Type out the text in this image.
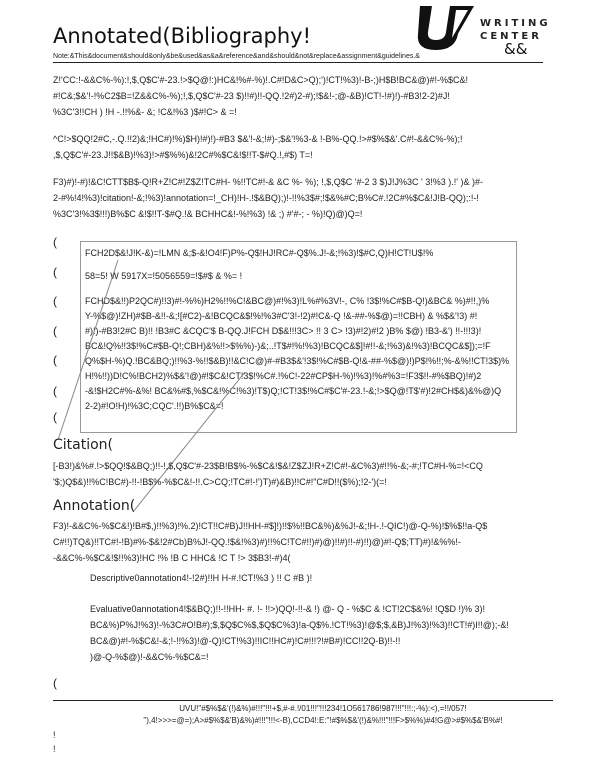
WRITING
CENTER
&&
Annotated(Bibliography!
Note:&This&document&should&only&be&used&as&a&reference&and&should&not&replace&assignment&guidelines.&
Z!'CC:!-&&C%-%):!,$,Q$C'#-23.!>$Q@!:)HC&!%#-%)!.C#!D&C>Q);')!CT!%3)!-B-;)H$B!BC&@)#!-%$C&!
#!C&;$&'!-!%C2$B=!Z&&C%-%);!,$,Q$C'#-23 $)!!#)!!-QQ.!2#)2-#);!$&!-;@-&B)!CT!-!#)!)-#B3!2-2)#J!
%3C'3!!CH ) !H -.!!%&- &; !C&!%3 )$#!C> & =!
^C!>$QQ!2#C,-.Q.!!2)&;!HC#)!%)$H)!#)!)-#B3 $&'!-&;!#)-;$&'!%3-& !-B%-QQ.!>#$%$&'.C#!-&&C%-%);!
,$,Q$C'#-23.J!!$&B)!%3)!>#$%%)&!2C#%$C&!$!!T-$#Q.!,#$) T=!
F3)#)!-#)!&C!CTT$B$-Q!R+Z!C#!Z$Z!TC#H- %!!TC#!-& &C %- %); !,$,Q$C '#-2 3 $)J!J%3C ' 3!%3 ).!' )& )#-
2-#%!4!%3)!citation!-&;!%3)!annotation=!_CH)!H-.!$&BQ);)!-!!%3$#;!$&%#C;B%C#.!2C#%$C&!J!B-QQ);:!-!
%3C'3!%3$!!!)B%$C &!$!!T-$#Q.!& BCHHC&!-%!%3) !& ;) #'#-; - %)!Q)@)Q=!
(
(
(
(
(
(
(
FCH2D$&!J!K-&)=!LMN &;$-&!O4!F)P%-Q$!HJ!RC#-Q$%.J!-&;!%3)!$#C,Q)H!CT!U$!%
58=5! W 5917X=!5056559=!$#$ & %= !
FCHD$&!!)P2QC#)!!3)#!-%%)H2%!!%C!&BC@)#!%3)!L%#%3V!-, C% !3$!%C#$B-Q!)&BC& %)#!!,)%
Y-%$@)!ZH)#$B-&!!-&;![#C2)-&!BCQC&$!%!%3#C'3!-!2)#!C&-Q !&-##-%$@)=!!CBH) & %$&'!3) #!
#)!)-#B3!2#C B)!! !B3#C &CQC'$ B-QQ.J!FCH D$&!!!3C> !! 3 C> !3)#!2)#!2 )B% $@) !B3-&') !!-!!!3)!
BC&!Q%!!3$!%C#$B-Q!;CBH)&%!!>$%%)-)&;..!T$#!%!%3)!BCQC&$]!#!!-&;!%3)&!%3)!BCQC&$]);=!F
Q%$H-%)Q.!BC&BQ;)!!%3-%!!$&B)!!&C!C@)#-#B3$&'!3$!%C#$B-Q!&-##-%$@)!)P$!%!!;%-&%!!CT!3$)%
H!%!!))D!C%!BCH2)%$&'!@)#!$C&!CT!3$!%C#.!%C!-22#CP$H-%)!%3)!%#%3=!F3$!!-#%$BQ)!#)2
-&!$H2C#%-&%! BC&%#$,%$C&!%C!%3)!T$)Q;!CT!3$!%C#$C'#-23.!-&;!>$Q@!T$'#)!2#CH$&)&%@)Q
2-2)#!O!H)!%3C;CQC'.!!)B%$C&=!
Citation(
[-B3!)&%#.!>$QQ!$&BQ;)!!-!,$,Q$C'#-23$B!B$%-%$C&!$&!Z$ZJ!R+Z!C#!-&C%3)#!!%-&;-#;!TC#H-%=!<CQ
'$;)Q$&)!!%C!BC#)-!!-!B$%-%$C&!-!!.C>CQ;!TC#!-!')T)#)&B)!!C#!"C#D!!($%);!2-')(=!
Annotation(
F3)!-&&C%-%$C&!)!B#$,)!!%3)!%.2)!CT!!C#B)J!!HH-#$]!)!!$%!!BC&%)&%J!-&;!H-.!-QIC!)@-Q-%)!$%$!!a-Q$
C#!!)TQ&)!!TC#!-!B)#%-$&!2#Cb)B%J!-QQ.!$&!%3)#)!!%C!TC#!!)#)@)!!#)!!-#)!!)@)#!-Q$;TT)#)!&%%!-
-&&C%-%$C&!$!!%3)!HC !% !B C HHC& !C T !> 3$B3!-#)4(
Descriptive0annotation4!-!2#)!!H H-#.!CT!%3 ) !! C #B )!
Evaluative0annotation4!$&BQ;)!!-!!HH- #. !- !!>)QQ!-!!-& !) @- Q - %$C & !CT!2C$&%! !Q$D !)% 3)!
BC&%)P%J!%3)!-%3C#O!B#);$,$Q$C%$,$Q$C%3)!a-Q$%.!CT!%3)!@$;$,&B)J!%3)!%3)!!CT!#)I!!@);-&!
BC&@)#!-%$C&!-&;!-!!%3)!@-Q)!CT!%3)!!IC!!HC#)!C#!!!?!#B#)!CC!!2Q-B)!!-!!
)@-Q-%$@)!-&&C%-%$C&=!
(
UVU!"#$%$&'(!)&%)#!!!"!!!+$,#-#.!/01!!!"!!!234!1O561786!987!!!"!!!:;-%):<),=!!/057!
"),4!>>>=@=);A>#$%$&'B)&%)#!!!"!!!<-B),CCD4!:E:"!#$%$&'(!)&%!!!"!!!F>$%%)#4!G@>#$%$&'B%#!
!
!
